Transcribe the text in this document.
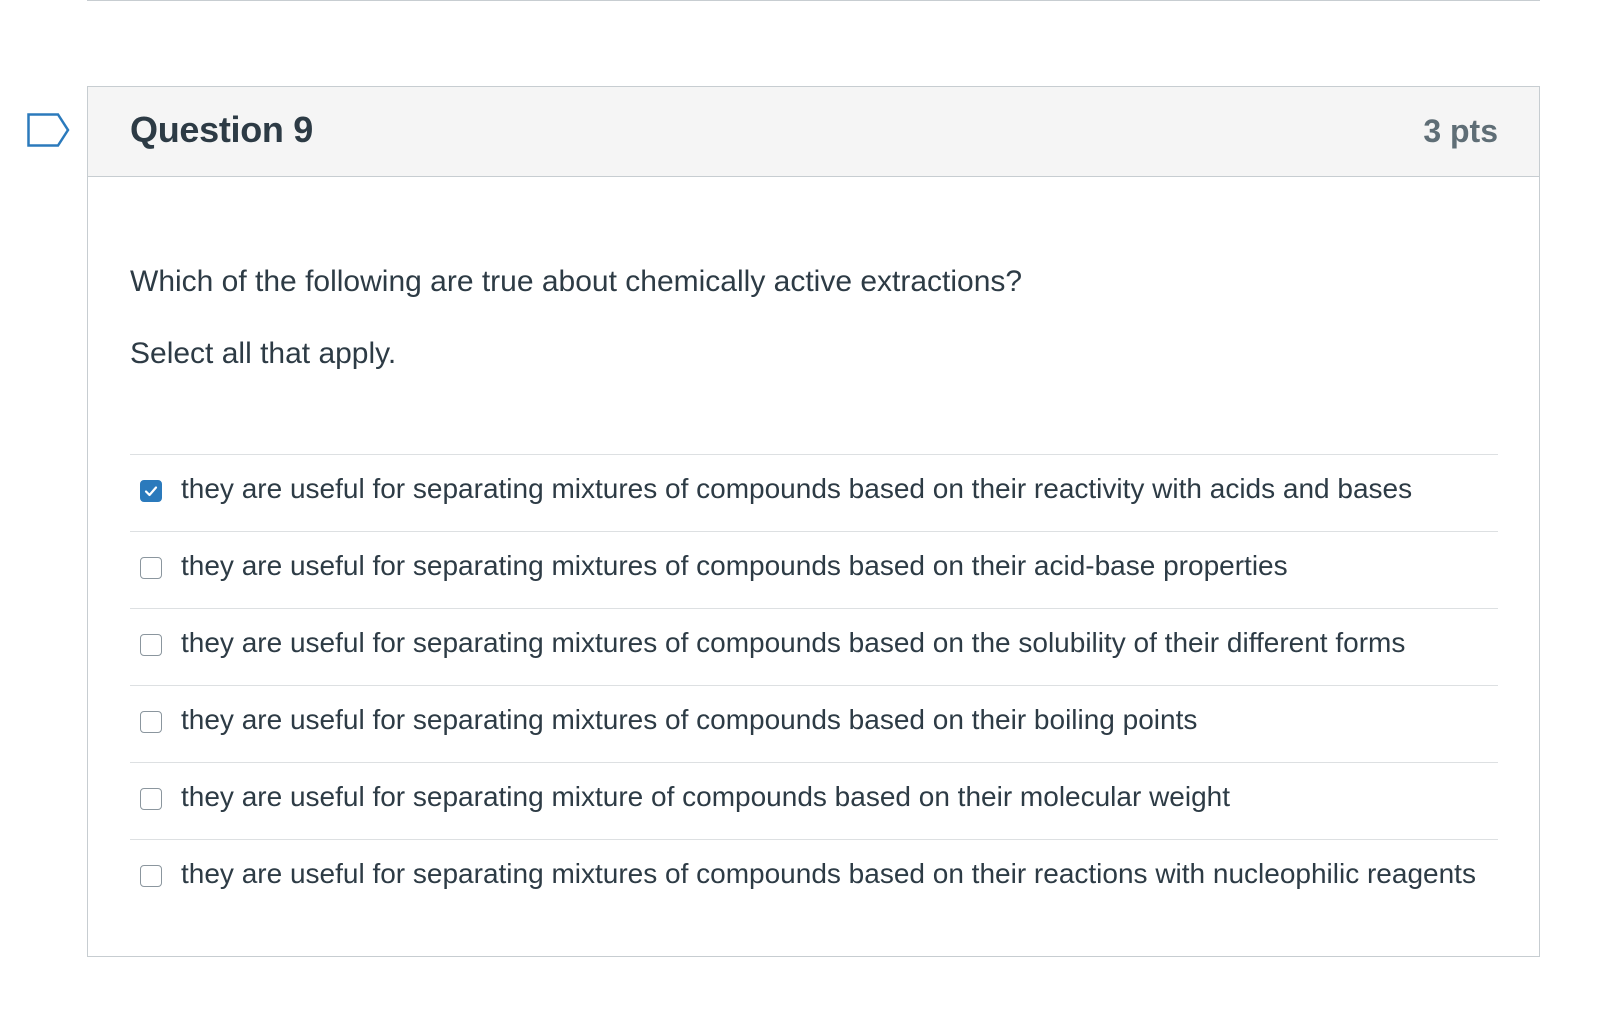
Question 9	3 pts

Which of the following are true about chemically active extractions?

Select all that apply.

they are useful for separating mixtures of compounds based on their reactivity with acids and bases
they are useful for separating mixtures of compounds based on their acid-base properties
they are useful for separating mixtures of compounds based on the solubility of their different forms
they are useful for separating mixtures of compounds based on their boiling points
they are useful for separating mixture of compounds based on their molecular weight
they are useful for separating mixtures of compounds based on their reactions with nucleophilic reagents
